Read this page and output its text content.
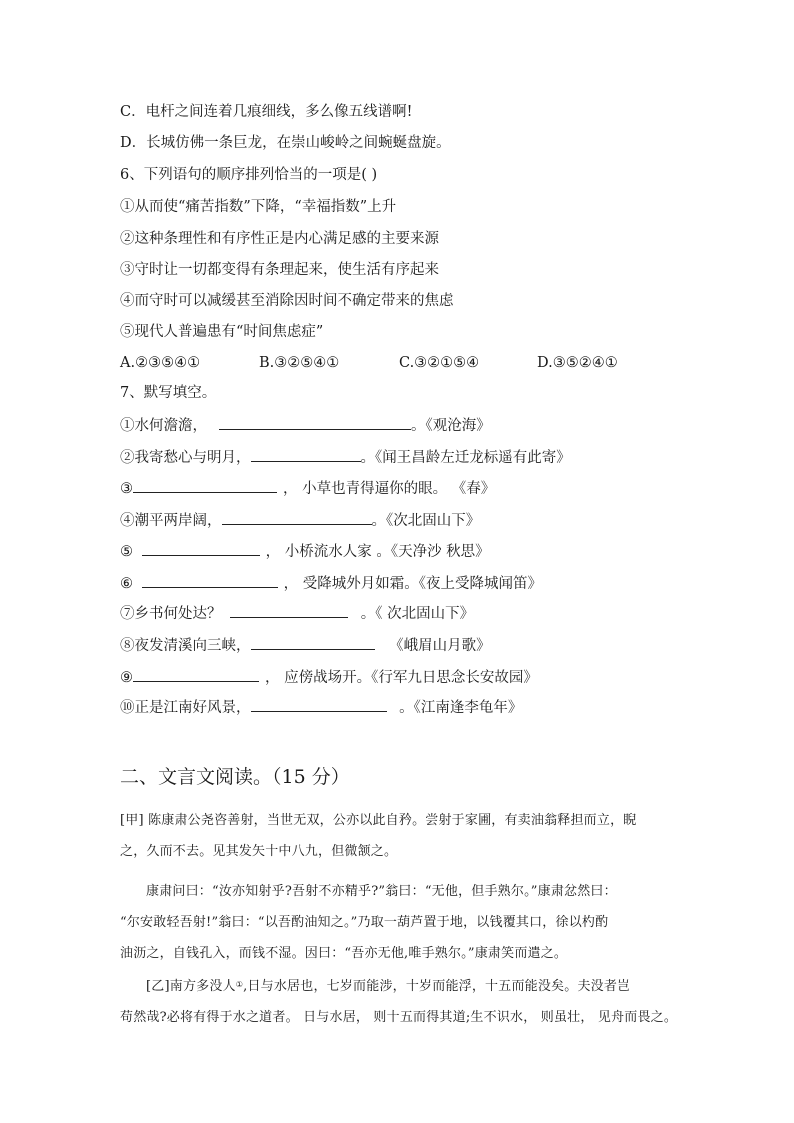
C．电杆之间连着几痕细线，多么像五线谱啊!
D．长城仿佛一条巨龙，在崇山峻岭之间蜿蜒盘旋。
6、下列语句的顺序排列恰当的一项是( )
①从而使“痛苦指数”下降，“幸福指数”上升
②这种条理性和有序性正是内心满足感的主要来源
③守时让一切都变得有条理起来，使生活有序起来
④而守时可以减缓甚至消除因时间不确定带来的焦虑
⑤现代人普遍患有“时间焦虑症”
A.②③⑤④①	B.③②⑤④①	C.③②①⑤④	D.③⑤②④①
7、默写填空。
①水何澹澹，	。《观沧海》
②我寄愁心与明月，	。《闻王昌龄左迁龙标遥有此寄》
③	， 小草也青得逼你的眼。 《春》
④潮平两岸阔，	。《次北固山下》
⑤	， 小桥流水人家 。《天净沙 秋思》
⑥	， 受降城外月如霜。《夜上受降城闻笛》
⑦乡书何处达？	。《 次北固山下》
⑧夜发清溪向三峡，	《峨眉山月歌》
⑨	， 应傍战场开。《行军九日思念长安故园》
⑩正是江南好风景，	。《江南逢李龟年》
二、文言文阅读。（15 分）

[甲] 陈康肃公尧咨善射，当世无双，公亦以此自矜。尝射于家圃，有卖油翁释担而立，睨

之，久而不去。见其发矢十中八九，但微颔之。

康肃问曰：“汝亦知射乎?吾射不亦精乎?”翁曰：“无他，但手熟尔。”康肃忿然曰：

“尔安敢轻吾射!”翁曰：“以吾酌油知之。”乃取一葫芦置于地，以钱覆其口，徐以杓酌

油沥之，自钱孔入，而钱不湿。因曰：“吾亦无他,唯手熟尔。”康肃笑而遣之。

[乙]南方多没人①,日与水居也，七岁而能涉，十岁而能浮，十五而能没矣。夫没者岂

苟然哉?必将有得于水之道者。 日与水居， 则十五而得其道;生不识水， 则虽壮， 见舟而畏之。
